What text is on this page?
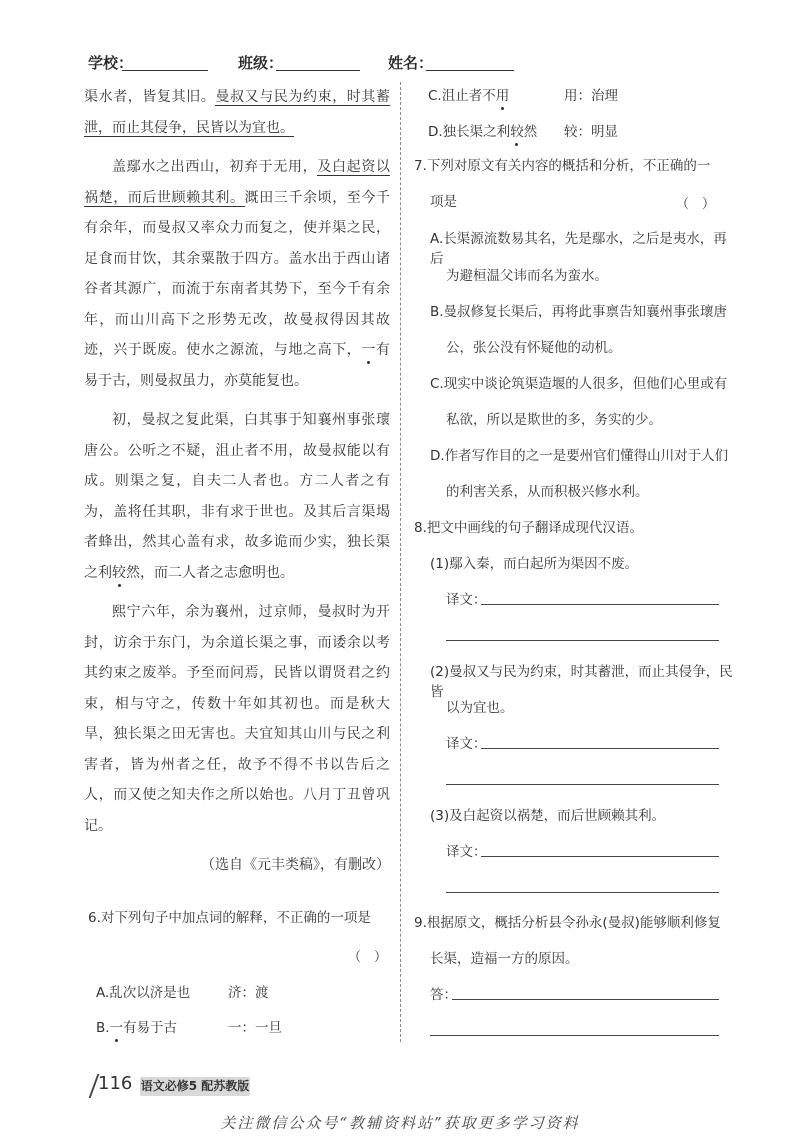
学校：	班级：	姓名：

渠水者，皆复其旧。曼叔又与民为约束，时其蓄泄，而止其侵争，民皆以为宜也。

盖鄢水之出西山，初弃于无用，及白起资以祸楚，而后世顾赖其利。溉田三千余顷，至今千有余年，而曼叔又率众力而复之，使并渠之民，足食而甘饮，其余粟散于四方。盖水出于西山诸谷者其源广，而流于东南者其势下，至今千有余年，而山川高下之形势无改，故曼叔得因其故迹，兴于既废。使水之源流，与地之高下，一有易于古，则曼叔虽力，亦莫能复也。

初，曼叔之复此渠，白其事于知襄州事张瓌唐公。公听之不疑，沮止者不用，故曼叔能以有成。则渠之复，自夫二人者也。方二人者之有为，盖将任其职，非有求于世也。及其后言渠堨者蜂出，然其心盖有求，故多诡而少实，独长渠之利较然，而二人者之志愈明也。

熙宁六年，余为襄州，过京师，曼叔时为开封，访余于东门，为余道长渠之事，而诿余以考其约束之废举。予至而问焉，民皆以谓贤君之约束，相与守之，传数十年如其初也。而是秋大旱，独长渠之田无害也。夫宜知其山川与民之利害者，皆为州者之任，故予不得不书以告后之人，而又使之知夫作之所以始也。八月丁丑曾巩记。

（选自《元丰类稿》，有删改）

6.对下列句子中加点词的解释，不正确的一项是
（　）
A.乱次以济是也	济：渡
B.一有易于古	一：一旦
C.沮止者不用	用：治理
D.独长渠之利较然 较：明显
7.下列对原文有关内容的概括和分析，不正确的一
项是	（　）
A.长渠源流数易其名，先是鄢水，之后是夷水，再后
为避桓温父讳而名为蛮水。
B.曼叔修复长渠后，再将此事禀告知襄州事张瓌唐
公，张公没有怀疑他的动机。
C.现实中谈论筑渠造堰的人很多，但他们心里或有
私欲，所以是欺世的多，务实的少。
D.作者写作目的之一是要州官们懂得山川对于人们
的利害关系，从而积极兴修水利。
8.把文中画线的句子翻译成现代汉语。
(1)鄢入秦，而白起所为渠因不废。
译文：
(2)曼叔又与民为约束，时其蓄泄，而止其侵争，民皆
以为宜也。
译文：
(3)及白起资以祸楚，而后世顾赖其利。
译文：
9.根据原文，概括分析县令孙永(曼叔)能够顺利修复
长渠，造福一方的原因。
答：
116 语文必修5 配苏教版
关注微信公众号“教辅资料站”获取更多学习资料
